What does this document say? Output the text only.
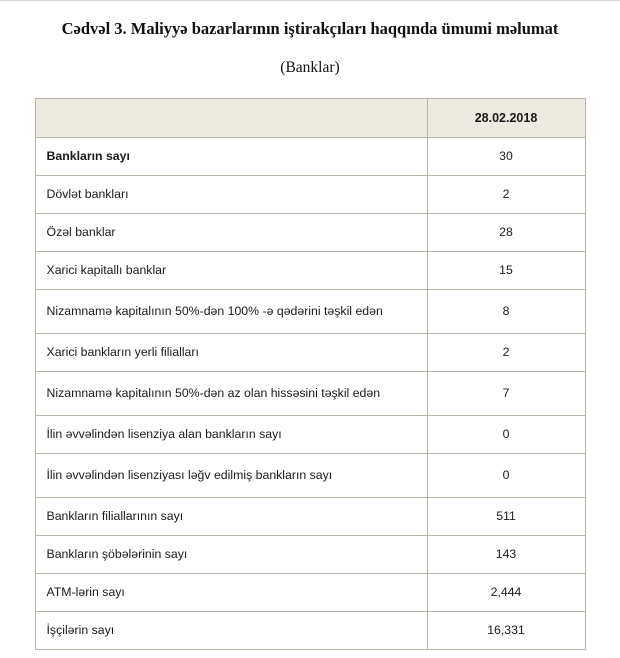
Cədvəl 3. Maliyyə bazarlarının iştirakçıları haqqında ümumi məlumat
(Banklar)
	28.02.2018
Bankların sayı	30
Dövlət bankları	2
Özəl banklar	28
Xarici kapitallı banklar	15
Nizamnamə kapitalının 50%-dən 100% -ə qədərini təşkil edən	8
Xarici bankların yerli filialları	2
Nizamnamə kapitalının 50%-dən az olan hissəsini təşkil edən	7
İlin əvvəlindən lisenziya alan bankların sayı	0
İlin əvvəlindən lisenziyası ləğv edilmiş bankların sayı	0
Bankların filiallarının sayı	511
Bankların şöbələrinin sayı	143
ATM-lərin sayı	2,444
İşçilərin sayı	16,331
